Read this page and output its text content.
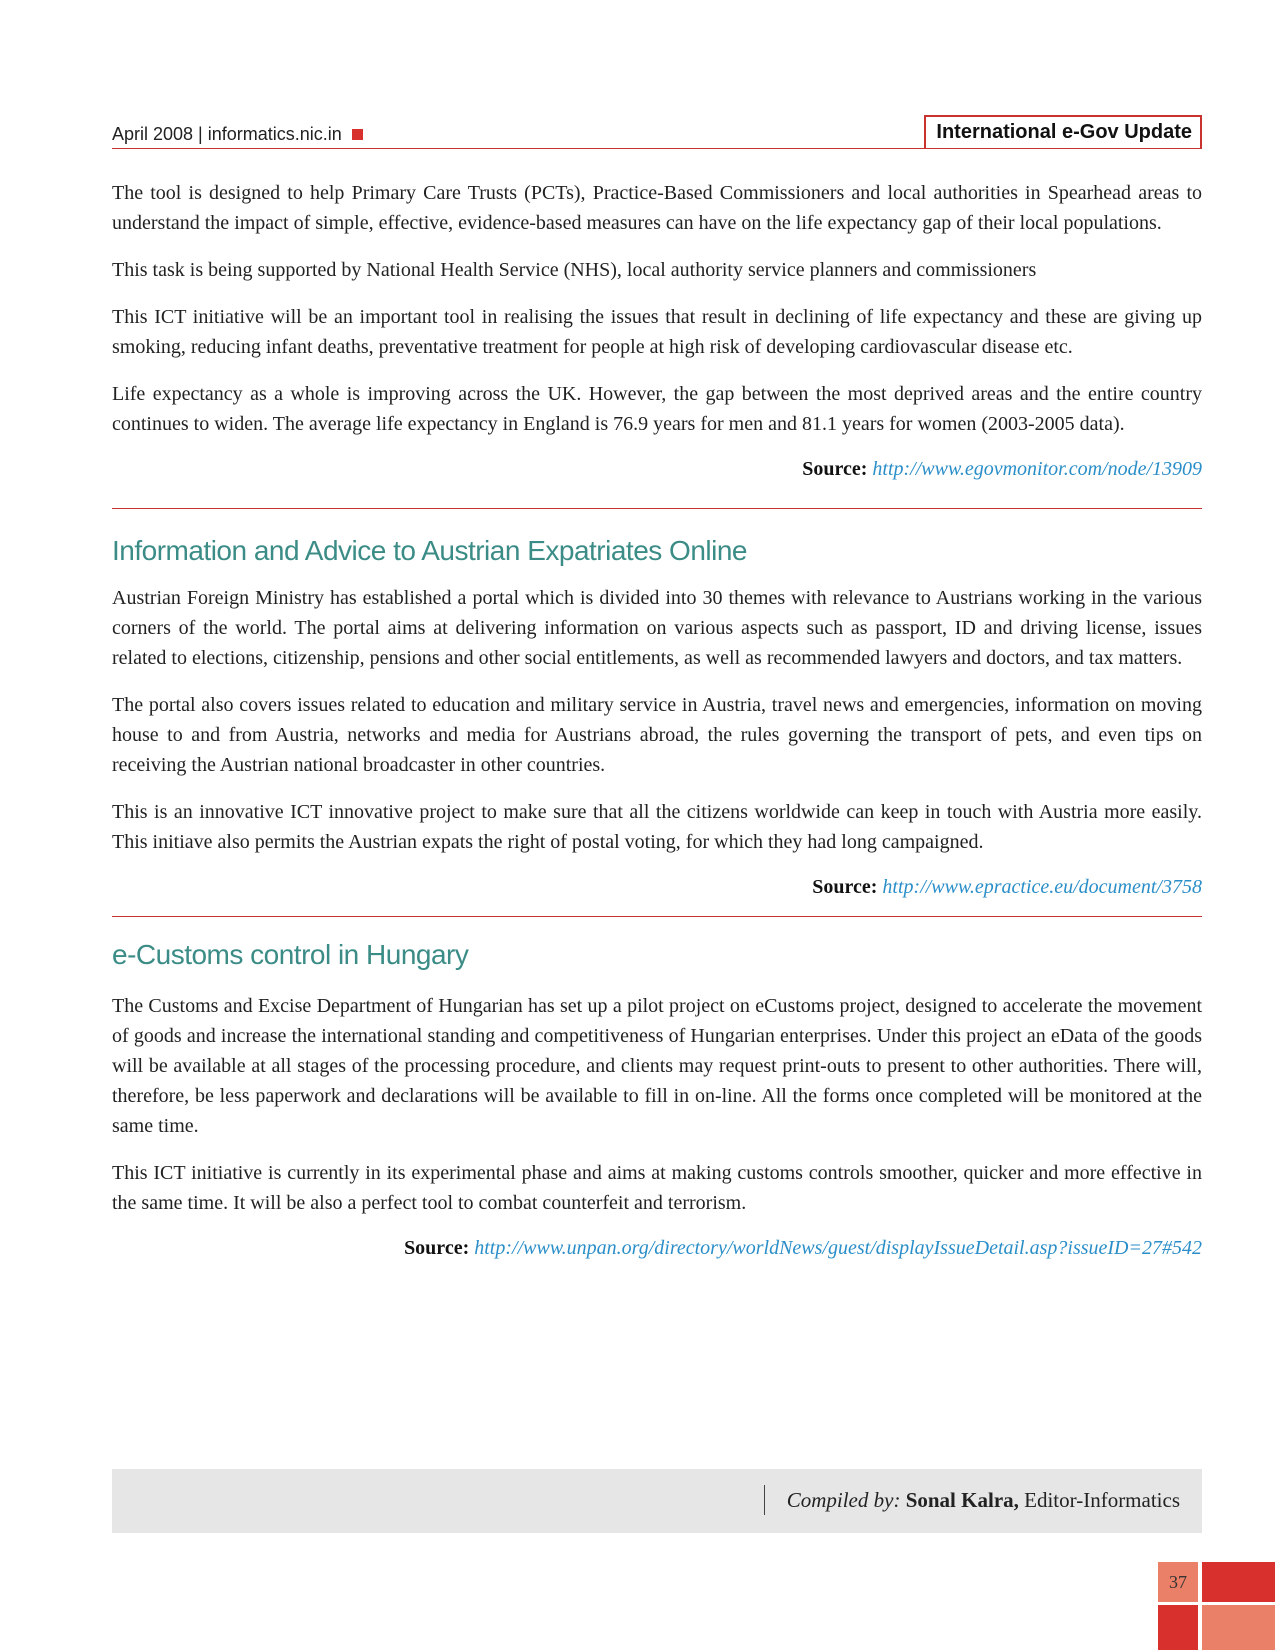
April 2008 | informatics.nic.in	International e-Gov Update

The tool is designed to help Primary Care Trusts (PCTs), Practice-Based Commissioners and local authorities in Spearhead areas to understand the impact of simple, effective, evidence-based measures can have on the life expectancy gap of their local populations.

This task is being supported by National Health Service (NHS), local authority service planners and commissioners

This ICT initiative will be an important tool in realising the issues that result in declining of life expectancy and these are giving up smoking, reducing infant deaths, preventative treatment for people at high risk of developing cardiovascular disease etc.

Life expectancy as a whole is improving across the UK. However, the gap between the most deprived areas and the entire country continues to widen. The average life expectancy in England is 76.9 years for men and 81.1 years for women (2003-2005 data).

Source: http://www.egovmonitor.com/node/13909

Information and Advice to Austrian Expatriates Online

Austrian Foreign Ministry has established a portal which is divided into 30 themes with relevance to Austrians working in the various corners of the world. The portal aims at delivering information on various aspects such as passport, ID and driving license, issues related to elections, citizenship, pensions and other social entitlements, as well as recommended lawyers and doctors, and tax matters.

The portal also covers issues related to education and military service in Austria, travel news and emergencies, information on moving house to and from Austria, networks and media for Austrians abroad, the rules governing the transport of pets, and even tips on receiving the Austrian national broadcaster in other countries.

This is an innovative ICT innovative project to make sure that all the citizens worldwide can keep in touch with Austria more easily. This initiave also permits the Austrian expats the right of postal voting, for which they had long campaigned.

Source: http://www.epractice.eu/document/3758

e-Customs control in Hungary

The Customs and Excise Department of Hungarian has set up a pilot project on eCustoms project, designed to accelerate the movement of goods and increase the international standing and competitiveness of Hungarian enterprises. Under this project an eData of the goods will be available at all stages of the processing procedure, and clients may request print-outs to present to other authorities. There will, therefore, be less paperwork and declarations will be available to fill in on-line. All the forms once completed will be monitored at the same time.

This ICT initiative is currently in its experimental phase and aims at making customs controls smoother, quicker and more effective in the same time. It will be also a perfect tool to combat counterfeit and terrorism.

Source: http://www.unpan.org/directory/worldNews/guest/displayIssueDetail.asp?issueID=27#542

Compiled by: Sonal Kalra, Editor-Informatics
37
